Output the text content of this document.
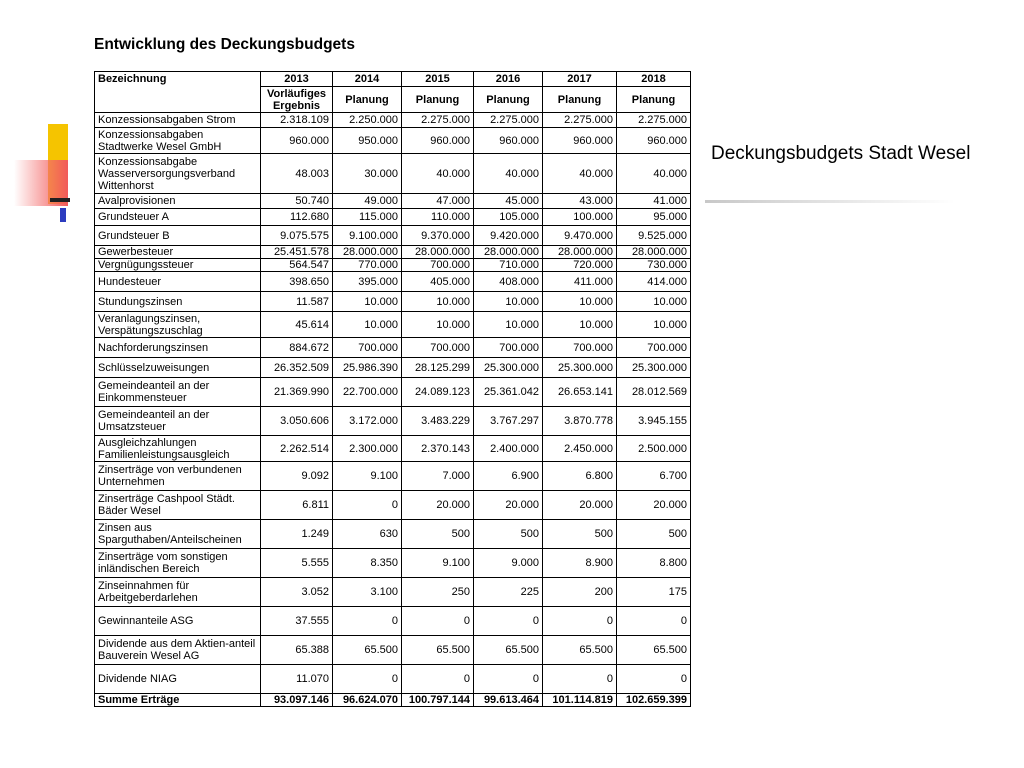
Entwicklung des Deckungsbudgets
Deckungsbudgets Stadt Wesel
Bezeichnung	2013	2014	2015	2016	2017	2018
	Vorläufiges Ergebnis	Planung	Planung	Planung	Planung	Planung
Konzessionsabgaben Strom	2.318.109	2.250.000	2.275.000	2.275.000	2.275.000	2.275.000
Konzessionsabgaben Stadtwerke Wesel GmbH	960.000	950.000	960.000	960.000	960.000	960.000
Konzessionsabgabe Wasserversorgungsverband Wittenhorst	48.003	30.000	40.000	40.000	40.000	40.000
Avalprovisionen	50.740	49.000	47.000	45.000	43.000	41.000
Grundsteuer A	112.680	115.000	110.000	105.000	100.000	95.000
Grundsteuer B	9.075.575	9.100.000	9.370.000	9.420.000	9.470.000	9.525.000
Gewerbesteuer	25.451.578	28.000.000	28.000.000	28.000.000	28.000.000	28.000.000
Vergnügungssteuer	564.547	770.000	700.000	710.000	720.000	730.000
Hundesteuer	398.650	395.000	405.000	408.000	411.000	414.000
Stundungszinsen	11.587	10.000	10.000	10.000	10.000	10.000
Veranlagungszinsen, Verspätungszuschlag	45.614	10.000	10.000	10.000	10.000	10.000
Nachforderungszinsen	884.672	700.000	700.000	700.000	700.000	700.000
Schlüsselzuweisungen	26.352.509	25.986.390	28.125.299	25.300.000	25.300.000	25.300.000
Gemeindeanteil an der Einkommensteuer	21.369.990	22.700.000	24.089.123	25.361.042	26.653.141	28.012.569
Gemeindeanteil an der Umsatzsteuer	3.050.606	3.172.000	3.483.229	3.767.297	3.870.778	3.945.155
Ausgleichzahlungen Familienleistungsausgleich	2.262.514	2.300.000	2.370.143	2.400.000	2.450.000	2.500.000
Zinserträge von verbundenen Unternehmen	9.092	9.100	7.000	6.900	6.800	6.700
Zinserträge Cashpool Städt. Bäder Wesel	6.811	0	20.000	20.000	20.000	20.000
Zinsen aus Sparguthaben/Anteilscheinen	1.249	630	500	500	500	500
Zinserträge vom sonstigen inländischen Bereich	5.555	8.350	9.100	9.000	8.900	8.800
Zinseinnahmen für Arbeitgeberdarlehen	3.052	3.100	250	225	200	175
Gewinnanteile ASG	37.555	0	0	0	0	0
Dividende aus dem Aktien-anteil Bauverein Wesel AG	65.388	65.500	65.500	65.500	65.500	65.500
Dividende NIAG	11.070	0	0	0	0	0
Summe Erträge	93.097.146	96.624.070	100.797.144	99.613.464	101.114.819	102.659.399
